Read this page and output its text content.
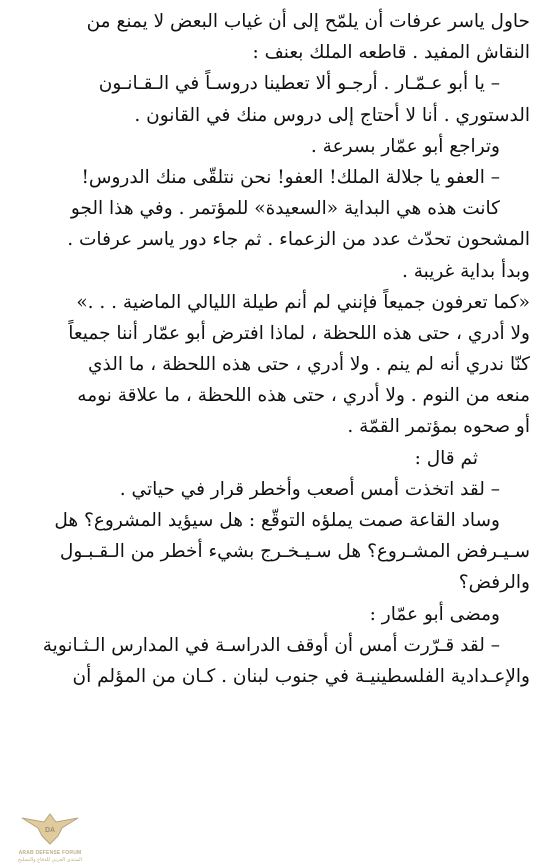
حاول ياسر عرفات أن يلمّح إلى أن غياب البعض لا يمنع من
النقاش المفيد . قاطعه الملك بعنف :
– يا أبو عـمّـار . أرجـو ألا تعطينا دروسـاً في الـقـانـون
الدستوري . أنا لا أحتاج إلى دروس منك في القانون .
وتراجع أبو عمّار بسرعة .
– العفو يا جلالة الملك! العفو! نحن نتلقّى منك الدروس!
كانت هذه هي البداية «السعيدة» للمؤتمر . وفي هذا الجو
المشحون تحدّث عدد من الزعماء . ثم جاء دور ياسر عرفات .
وبدأ بداية غريبة .
«كما تعرفون جميعاً فإنني لم أنم طيلة الليالي الماضية . . .»
ولا أدري ، حتى هذه اللحظة ، لماذا افترض أبو عمّار أننا جميعاً
كنّا ندري أنه لم ينم . ولا أدري ، حتى هذه اللحظة ، ما الذي
منعه من النوم . ولا أدري ، حتى هذه اللحظة ، ما علاقة نومه
أو صحوه بمؤتمر القمّة .
ثم قال :
– لقد اتخذت أمس أصعب وأخطر قرار في حياتي .
وساد القاعة صمت يملؤه التوقّع : هل سيؤيد المشروع؟ هل
سـيـرفض المشـروع؟ هل سـيـخـرج بشيء أخطر من الـقـبـول
والرفض؟
ومضى أبو عمّار :
– لقد قـرّرت أمس أن أوقف الدراسـة في المدارس الـثـانوية
والإعـدادية الفلسطينيـة في جنوب لبنان . كـان من المؤلم أن
DA
ARAB DEFENSE FORUM
المنتدى العربي للدفاع والتسليح
